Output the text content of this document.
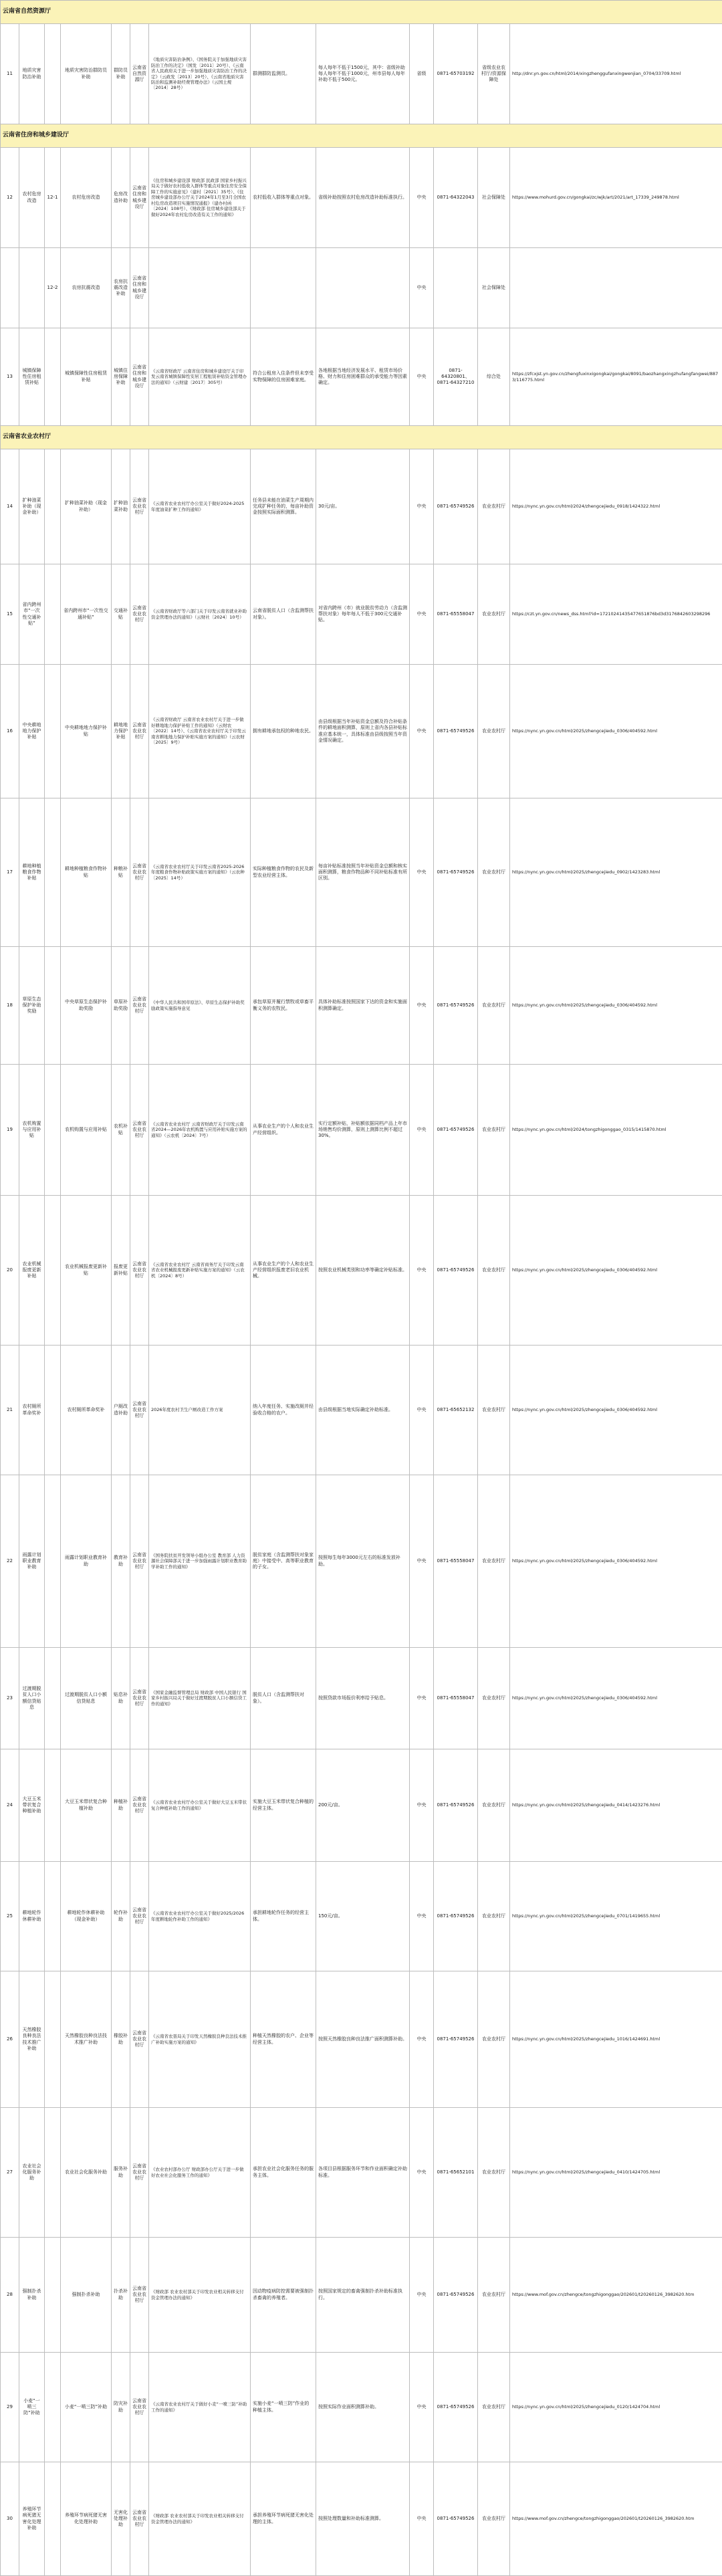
云南省自然资源厅												
11	地质灾害防治补助		地质灾害防治群防员补助	群防员补助	云南省自然资源厅	《地质灾害防治条例》、《国务院关于加强地质灾害防治工作的决定》（国发〔2011〕20号）、《云南省人民政府关于进一步加强地质灾害防治工作的决定》（云政发〔2013〕20号）、《云南省地质灾害防治和监测补助经费管理办法》（云国土规〔2014〕28号）	群测群防监测员。	每人每年不低于1500元，其中：省级补助每人每年不低于1000元，州市县每人每年补助不低于500元。	省级	0871-65703192	省级农业农村厅/资源保障处	http://dnr.yn.gov.cn/html/2014/xingzhenggufanxingwenjian_0704/33709.html
云南省住房和城乡建设厅												
12	农村危房改造	12-1	农村危房改造	危房改造补助	云南省住房和城乡建设厅	《住房和城乡建设部 财政部 民政部 国家乡村振兴局关于做好农村低收入群体等重点对象住房安全保障工作的实施意见》（建村〔2021〕35号）、《住房城乡建设部办公厅关于2024年1月至3月全国农村危房改造项目实施情况通报》（建办村函〔2024〕108号）、《财政部 住房城乡建设部关于做好2024年农村危房改造有关工作的通知》	农村低收入群体等重点对象。	省级补助按照农村危房改造补助标准执行。	中央	0871-64322043	社会保障处	https://www.mohurd.gov.cn/gongkai/zc/wjk/art/2021/art_17339_249878.html
		12-2	农房抗震改造	农房抗震改造补助	云南省住房和城乡建设厅				中央		社会保障处	
13	城镇保障性住房租赁补贴		城镇保障性住房租赁补贴	城镇住房保障补助	云南省住房和城乡建设厅	《云南省财政厅 云南省住房和城乡建设厅关于印发云南省城镇保障性安居工程租赁补贴资金管理办法的通知》（云财建〔2017〕305号）	符合公租房入住条件但未享受实物保障的住房困难家庭。	各地根据当地经济发展水平、租赁市场价格、财力和住房困难群众的承受能力等因素确定。	中央	0871-64320801、0871-64327210	综合处	https://zfcxjst.yn.gov.cn/zhengfuxinxigongkai/gongkai/8091/baozhangxingzhufangfangwei/8873/116775.html
云南省农业农村厅												
14	扩种油菜补助（现金补助）		扩种油菜补助（现金补助）	扩种油菜补助	云南省农业农村厅	《云南省农业农村厅办公室关于做好2024-2025年度油菜扩种工作的通知》	任务县未能在油菜生产周期内完成扩种任务的，每亩补助资金按照实际面积测算。	30元/亩。	中央	0871-65749526	农业农村厅	https://nync.yn.gov.cn/html/2024/zhengcejiedu_0918/1424322.html
15	省内跨州市“一次性交通补贴”		省内跨州市“一次性交通补贴”	交通补贴	云南省农业农村厅	《云南省财政厅等六部门关于印发云南省就业补助资金管理办法的通知》（云财社〔2024〕10号）	云南省脱贫人口（含监测帮扶对象）。	对省内跨州（市）就业脱贫劳动力（含监测帮扶对象）每年每人不低于300元交通补贴。	中央	0871-65558047	农业农村厅	https://czt.yn.gov.cn/news_dss.html?id=17210241435477651876bd3d3176842603298296
16	中央耕地地力保护补贴		中央耕地地力保护补贴	耕地地力保护补贴	云南省农业农村厅	《云南省财政厅 云南省农业农村厅关于进一步做好耕地地力保护补贴工作的通知》（云财农〔2022〕14号）、《云南省农业农村厅关于印发云南省耕地地力保护补贴实施方案的通知》（云农财〔2025〕9号）	拥有耕地承包权的种地农民。	由县级根据当年补贴资金总额及符合补贴条件的耕地面积测算，原则上省内各县补贴标准应基本统一，具体标准由县级按照当年资金情况确定。	中央	0871-65749526	农业农村厅	https://nync.yn.gov.cn/html/2025/zhengcejiedu_0306/404592.html
17	耕地种植粮食作物补贴		耕地种植粮食作物补贴	种粮补贴	云南省农业农村厅	《云南省农业农村厅关于印发云南省2025-2026年度粮食作物补贴政策实施方案的通知》（云农种〔2025〕14号）	实际种植粮食作物的农民及新型农业经营主体。	每亩补贴标准按照当年补贴资金总额和核实面积测算，粮食作物品种不同补贴标准有所区别。	中央	0871-65749526	农业农村厅	https://nync.yn.gov.cn/html/2025/zhengcejiedu_0902/1423283.html
18	草原生态保护补助奖励		中央草原生态保护补助奖励	草原补助奖励	云南省农业农村厅	《中华人民共和国草原法》、草原生态保护补助奖励政策实施指导意见	承包草原并履行禁牧或草畜平衡义务的农牧民。	具体补助标准按照国家下达的资金和实施面积测算确定。	中央	0871-65749526	农业农村厅	https://nync.yn.gov.cn/html/2025/zhengcejiedu_0306/404592.html
19	农机购置与应用补贴		农机购置与应用补贴	农机补贴	云南省农业农村厅	《云南省农业农村厅 云南省财政厅关于印发云南省2024—2026年农机购置与应用补贴实施方案的通知》（云农机〔2024〕7号）	从事农业生产的个人和农业生产经营组织。	实行定额补贴，补贴额依据同档产品上年市场销售均价测算，原则上测算比例不超过30%。	中央	0871-65749526	农业农村厅	https://nync.yn.gov.cn/html/2024/tongzhigonggao_0315/1415870.html
20	农业机械报废更新补贴		农业机械报废更新补贴	报废更新补贴	云南省农业农村厅	《云南省农业农村厅 云南省商务厅关于印发云南省农业机械报废更新补贴实施方案的通知》（云农机〔2024〕8号）	从事农业生产的个人和农业生产经营组织报废老旧农业机械。	按照农业机械类别和功率等确定补贴标准。	中央	0871-65749526	农业农村厅	https://nync.yn.gov.cn/html/2025/zhengcejiedu_0306/404592.html
21	农村厕所革命奖补		农村厕所革命奖补	户厕改造补助	云南省农业农村厅	2026年度农村卫生户厕改造工作方案	纳入年度任务、实施改厕并经验收合格的农户。	由县级根据当地实际确定补助标准。	中央	0871-65652132	农业农村厅	https://nync.yn.gov.cn/html/2025/zhengcejiedu_0306/404592.html
22	雨露计划职业教育补助		雨露计划职业教育补助	教育补助	云南省农业农村厅	《国务院扶贫开发领导小组办公室 教育部 人力资源社会保障部关于进一步加强雨露计划职业教育助学补助工作的通知》	脱贫家庭（含监测帮扶对象家庭）中接受中、高等职业教育的子女。	按照每生每年3000元左右的标准发放补助。	中央	0871-65558047	农业农村厅	https://nync.yn.gov.cn/html/2025/zhengcejiedu_0306/404592.html
23	过渡期脱贫人口小额信贷贴息		过渡期脱贫人口小额信贷贴息	贴息补助	云南省农业农村厅	《国家金融监督管理总局 财政部 中国人民银行 国家乡村振兴局关于做好过渡期脱贫人口小额信贷工作的通知》	脱贫人口（含监测帮扶对象）。	按照贷款市场报价利率给予贴息。	中央	0871-65558047	农业农村厅	https://nync.yn.gov.cn/html/2025/zhengcejiedu_0306/404592.html
24	大豆玉米带状复合种植补助		大豆玉米带状复合种植补助	种植补助	云南省农业农村厅	《云南省农业农村厅办公室关于做好大豆玉米带状复合种植补助工作的通知》	实施大豆玉米带状复合种植的经营主体。	200元/亩。	中央	0871-65749526	农业农村厅	https://nync.yn.gov.cn/html/2025/zhengcejiedu_0414/1423276.html
25	耕地轮作休耕补助		耕地轮作休耕补助（现金补助）	轮作补助	云南省农业农村厅	《云南省农业农村厅办公室关于做好2025/2026年度耕地轮作补助工作的通知》	承担耕地轮作任务的经营主体。	150元/亩。	中央	0871-65749526	农业农村厅	https://nync.yn.gov.cn/html/2025/zhengcejiedu_0701/1419655.html
26	天然橡胶良种良法技术推广补助		天然橡胶良种良法技术推广补助	橡胶补助	云南省农业农村厅	《云南省农垦局关于印发天然橡胶良种良法技术推广补助实施方案的通知》	种植天然橡胶的农户、企业等经营主体。	按照天然橡胶良种良法推广面积测算补助。	中央	0871-65749526	农业农村厅	https://nync.yn.gov.cn/html/2025/zhengcejiedu_1016/1424691.html
27	农业社会化服务补助		农业社会化服务补助	服务补助	云南省农业农村厅	《农业农村部办公厅 财政部办公厅关于进一步做好农业社会化服务工作的通知》	承担农业社会化服务任务的服务主体。	各项目县根据服务环节和作业面积确定补助标准。	中央	0871-65652101	农业农村厅	https://nync.yn.gov.cn/html/2025/zhengcejiedu_0410/1424705.html
28	强制扑杀补助		强制扑杀补助	扑杀补助	云南省农业农村厅	《财政部 农业农村部关于印发农业相关转移支付资金管理办法的通知》	因动物疫病防控需要被强制扑杀畜禽的养殖者。	按照国家规定的畜禽强制扑杀补助标准执行。	中央	0871-65749526	农业农村厅	https://www.mof.gov.cn/zhengce/tongzhigonggao/202601/t20260126_3982620.htm
29	小麦“一喷三防”补助		小麦“一喷三防”补助	防灾补助	云南省农业农村厅	《云南省农业农村厅关于做好小麦“一喷三防”补助工作的通知》	实施小麦“一喷三防”作业的种植主体。	按照实际作业面积测算补助。	中央	0871-65749526	农业农村厅	https://nync.yn.gov.cn/html/2025/zhengcejiedu_0120/1424704.html
30	养殖环节病死猪无害化处理补助		养殖环节病死猪无害化处理补助	无害化处理补助	云南省农业农村厅	《财政部 农业农村部关于印发农业相关转移支付资金管理办法的通知》	承担养殖环节病死猪无害化处理的主体。	按照处理数量和补助标准测算。	中央	0871-65749526	农业农村厅	https://www.mof.gov.cn/zhengce/tongzhigonggao/202601/t20260126_3982620.htm
